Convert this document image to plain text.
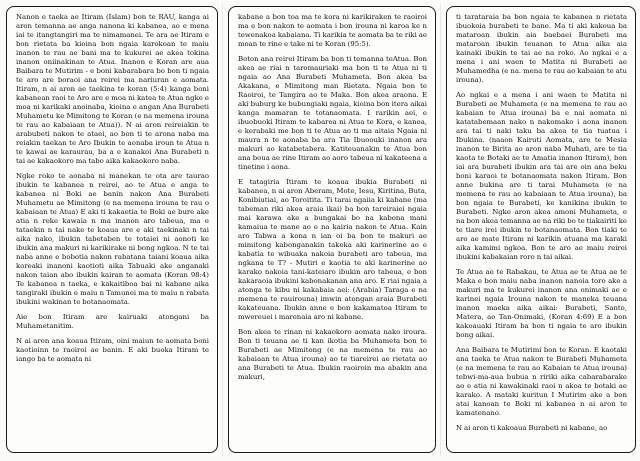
Nanon e taeka ae Itiram (Islam) bon te RAU, kanga ai aron temanna ae anga nanona ki kabanea, ao e mena iai te itangtangiri ma te nimamanei. Te ara ae Itiram e bon rietata ba kioina bon ngaia karokoan te maiu inanon te rau ae bani ma te kukurei ae akea tokina inanon oniinakinan te Atua. Inanon e Koran are aua Baibara te Mutirim - e boni kabarabara bo bon ti ngaia te aro are boraoi ana reirei ma nariuran e aomata. Itiram, n ai aron ae taekina te koran (5:4) kanga boni kabanean raoi te Aro are e moa ni katea te Atua ngke e moa ni karikaki anoinaba, kioina e angan Ana Burabeti Muhametu ke Mimitong te Koran (e na memena irouna te rau ao kabaiaan te Atua)). N ai aron reireiakin te arabubeti nakon te ataei, ao bon ti te arona naba ma reiakin taekan te Aro Ibukin te aonaba iroun te Atua n te kawai ae karaurau, ba a e kanakoi Ana Burabeti n tai ae kakaokoro ma tabo aika kakaokoro naba.

Ngke roko te aonaba ni manekan te ota are taurao ibukin te kabanea n reirei, ao te Atua e anga te kabanea ni Boki ae banin nakon Ana Burabeti Muhametu ae Mimitong (e na memena irouna te rau o kabaiaan te Atua) E aki ti kakaetia te Boki ae bure ake atia n reke kawaia n ma inanon aro tabeua, ma e tataekin n tai nake te koaua are e aki taekinaki n tai aika nako, ibukin tabetaben te totaiei ni aonoti ke ibukin ana makuri ni karikirake ni bong ngkoa. N te tai naba anne e bobotia nakon rabatana taiani koaua aika koreaki inanoni kaotioti aika Tabuaki ake anganaki nakon taian abo ibukin kairan te aomata (Koran 98:4) Te kabanea n taeka, e kakaitiboa bai ni kabane aika tangiraki ibukin e maiu n Tamunei ma te maiu n rabata ibukini wakinan te botanaomata.

Aie bon Itiram are kairuaki atongani ba Muhametanitim.

N ai aron ana koaua Itiram, oini maiun te aomata boni kaotioinn te raoiroi ae banin. E aki buoka Itiram te iango ba te aomata ni

kabane a bon toa ma te kora ni karikiraken te raoiroi ma e bon nakon te aomata i bon irouna ni karoa ke n tewenakoa kabaiana. Ti karikia te aomata ba te riki ae moan te rine e take ni te Koran (95:5).

Boton ana reirei Itiram ba bon ti temanna teAtua. Bon akea ae riai n taromauriaki ma bon ti te Atua ni ti ngaia ao Ana Burabeti Muhameta. Bon akea ba Akakana, e Mimitong man Rietata. Ngaia bon te Raoiroi, te Tangira ao te Maka. Bon akea araona. E aki buburg ke bubungiaki ngaia, kioina bon itera aikai kanga mamaran te totanaomata. I rarikin aei, e ibuobuoki Itiram te kabaroa ni Atua te Kora, e kanoa, e kerabaki me bon ti te Atua ao ti ma aitaia Ngaia ni maura n te aonaba ba ara Tia Ibuoouki inanon ara makuri ao katabetabera. Katiteuanakin te Atua bon ana boua ae rine Itiram ao aoro tabeua ni kakateena a tinetine i aona.

E tatagiria Itiram te koaua ibukia Burabeti ni kabanea, n ai aron Aberam, Mote, Iesu, Kiritina, Buta, Konibiutiai, ao Toroitita. Ti tarai ngaiia ki kabane (ma tabeman riki akea araia ikai) ba bon tareiraiei ngaia mai karawa ake a bungakai bo na kabona mani kamaiua te mane ao e na kairia nakon te Atua. Kain aro Tabwa a kona n ian oi ba bon te makuri ae mimitong kabonganakin takeka aki karinerine ao e kabatia te wibuaka nakoia burabeti aro tabeua, ma ngkana te T? - Mutiri e kaotia te aki karinerine ao karako nakoia tani-kateiaro ibukin aro tabeua, e bon kakaraoia ibukini kabonakanan ana aro. E riai ngaia a atonga te kibu ni kakabaia aei: (Arabia) Taraga e na memena te rauirouna) imwin atongan araia Burabeti kakateuana. Ibukin anne e bon kakamatoa Itiram te mwereuei i marenaia aro ni kabane.

Bon akea te rinan ni kakaokoro aomata nako iroura. Bon ti teuana ae ti kan ikotia ba Muhameta bon te Burabeti ae Mimitong (e na memena te rau ao kabaiaan te Atua irouna) ao te tiareirei ae rietata ao ana Burabeti te Atua. Ibukin raoiroin ma abakin ana makuri,

ti tarataraia ba bon ngaia te kabanea n rietata ibuokoia burabeti te bane. Ma ti aki kakoua ba mataroan ibukin aia baebaei Burabeti ma mataroan ibukin teuanan te Atua aika aia kainaki ibukin te tai ae na roko. Ao ngkai e a mena i ani waen te Matita ni Burabeti ae Muhamedha (e na. mena te rau ao kabaian te atu irouna).

Ao ngkai e a mena i ani waen te Matita ni Burabeti ae Muhameta (e na memena te rau ao kabaian te Atua irouna) ba e nai aomata ni katatabemaan nako n nakomako i aona inanon ara tai ti naki taku ba akea te tia tuatua i Ibukina. (naaon Kairuti Aomata, are te Mesia inanon te Birita ao aron naba Muhati, are te tia kaota te Botaki ae te Amatia inanon Itiram), bon iai ara burabeti ibukin ara tai are oin ana beku boni karaoi te botanaomata nakon Itiram. Bon anne bukina are ti tarai Muhameta (e na memena te rau ao kabaiaan te Atua irouna), ba bon ngaia te Burabeti, ke kanikina ibukin te Burabeti. Ngke aron akea amoni Muhameta, e na bon akea temanna ae na riki bo te tiakairiti ke te tiare irei ibukin te botanaomata. Bon tiaki te aro ae mate Itiram ni karikin atuana ma karaki aika kamimi ngkoa. Bon te aro ae maiu reirei ibukini kabakaian roro n tai aikai.

Te Atua ae te Rabakau, te Atua ae te Atua ae te Maka e bon maiu naba inanon nanoia toro ake a makuri ma te kukurei inanon ana onimaki ae e karinei ngaia Irouna nakon te maneka teuana inanon maeka aika aikai: Burabeti, Santo, Matera, ao Tan-Onimaki, (Koran 4:69) E a bon kakoauaki Itiram ba bon ti ngaia te aro ibukin bong aikai.

Ana Baibara te Mutirimi bon te Koran. E kaotaki ana taeka te Atua nakon te Burabeti Muhameta (e na memena te rau ao Kabaian te Atua irouna) tebwi-ma-aua bubua n ririki aika cabarabarake ao e atia ni kawakinaki raoi n akoa te botaki ae karako. A mataki kuritun I Mutirim ake a bon atai kanoan te Boki ni kabanea n ai aron te kamatenano.

N ai aron ti kakoaua Burabeti ni kabane, ao
